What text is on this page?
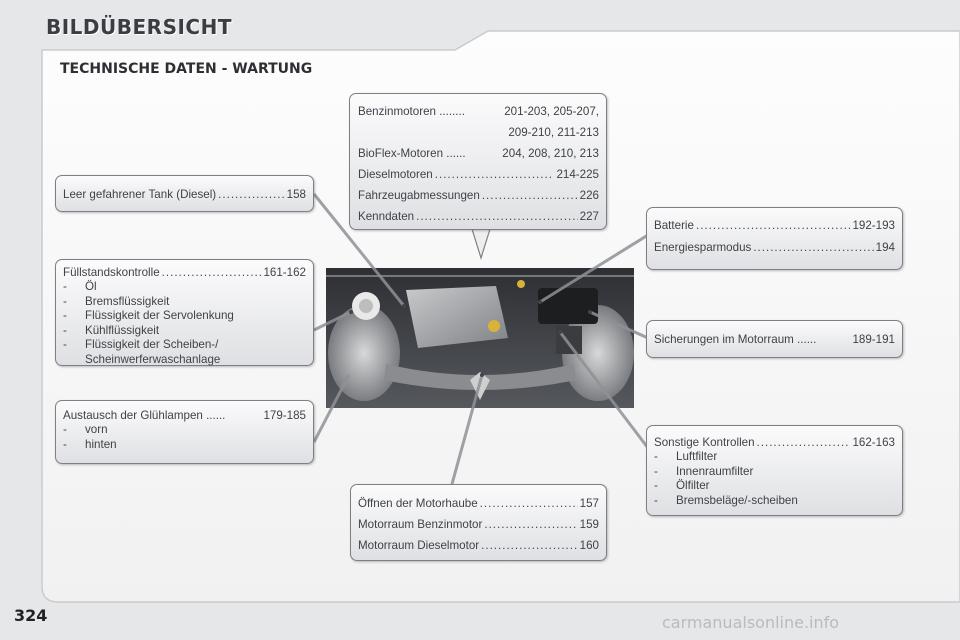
BILDÜBERSICHT
TECHNISCHE DATEN - WARTUNG
Benzinmotoren ........	201-203, 205-207,
209-210, 211-213
BioFlex-Motoren ......	204, 208, 210, 213
Dieselmotoren .....	214-225
Fahrzeugabmessungen .....	226
Kenndaten .....	227
Leer gefahrener Tank (Diesel) .....	158
Füllstandskontrolle .....	161-162
-	Öl
-	Bremsflüssigkeit
-	Flüssigkeit der Servolenkung
-	Kühlflüssigkeit
-	Flüssigkeit der Scheiben-/
Scheinwerferwaschanlage
Austausch der Glühlampen ......	179-185
-	vorn
-	hinten
Batterie .....	192-193
Energiesparmodus .....	194
Sicherungen im Motorraum ......	189-191
Sonstige Kontrollen .....	162-163
-	Luftfilter
-	Innenraumfilter
-	Ölfilter
-	Bremsbeläge/-scheiben
Öffnen der Motorhaube .....	157
Motorraum Benzinmotor .....	159
Motorraum Dieselmotor .....	160
324	carmanualsonline.info
